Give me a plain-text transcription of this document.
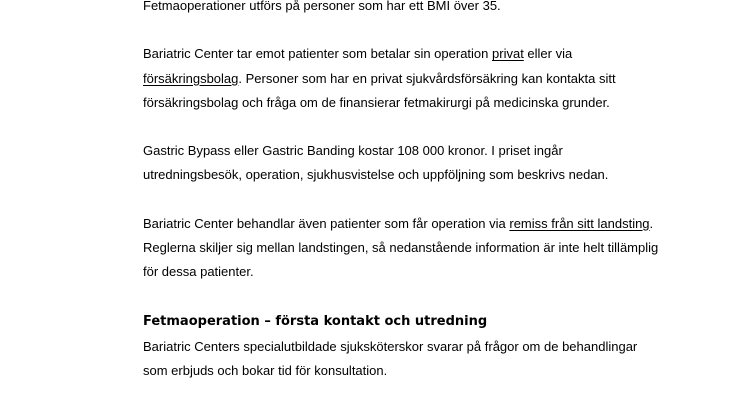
Fetmaoperationer utförs på personer som har ett BMI över 35.

Bariatric Center tar emot patienter som betalar sin operation privat eller via försäkringsbolag. Personer som har en privat sjukvårdsförsäkring kan kontakta sitt försäkringsbolag och fråga om de finansierar fetmakirurgi på medicinska grunder.

Gastric Bypass eller Gastric Banding kostar 108 000 kronor. I priset ingår utredningsbesök, operation, sjukhusvistelse och uppföljning som beskrivs nedan.

Bariatric Center behandlar även patienter som får operation via remiss från sitt landsting. Reglerna skiljer sig mellan landstingen, så nedanstående information är inte helt tillämplig för dessa patienter.

Fetmaoperation – första kontakt och utredning

Bariatric Centers specialutbildade sjuksköterskor svarar på frågor om de behandlingar som erbjuds och bokar tid för konsultation.
